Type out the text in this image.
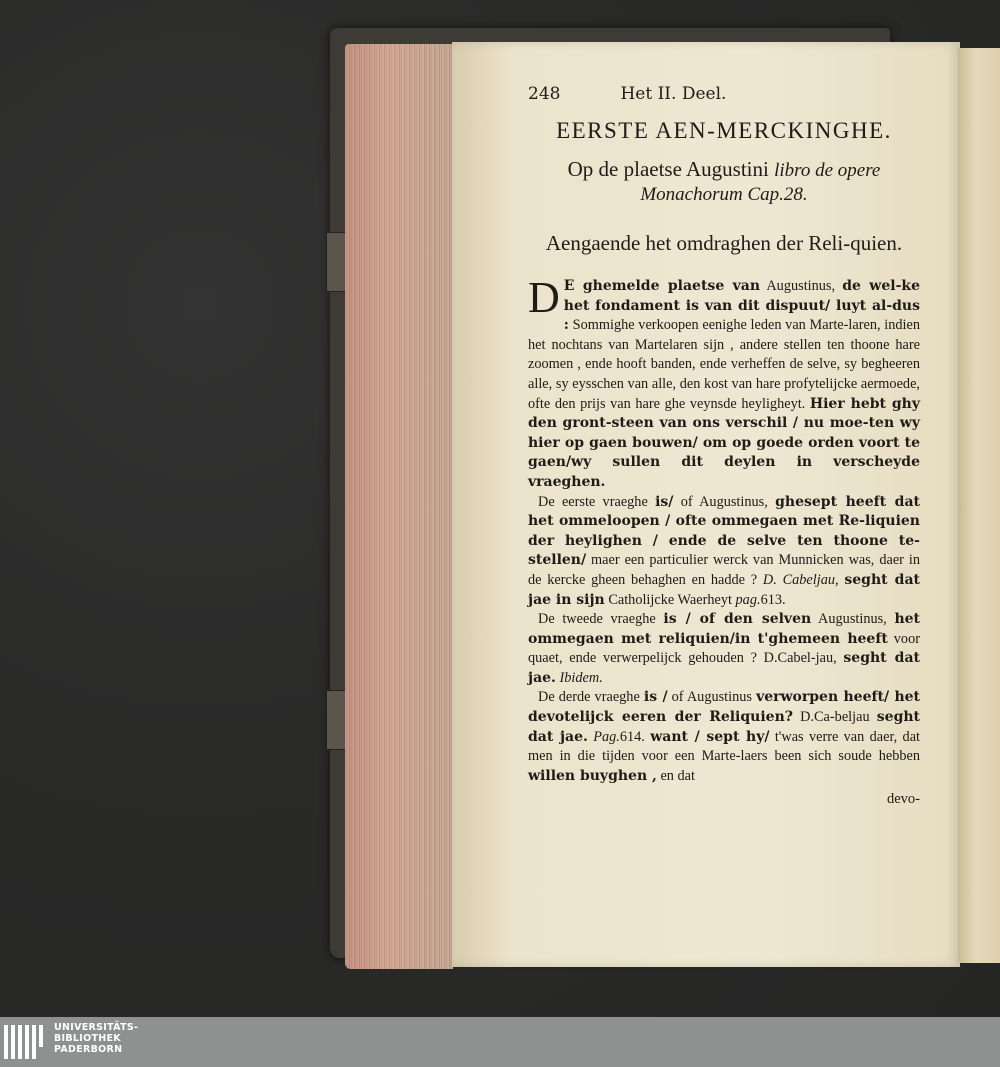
248	Het II. Deel.
EERSTE AEN-MERCKINGHE.
Op de plaetse Augustini libro de opere
Monachorum Cap.28.
Aengaende het omdraghen der Reli-quien.

D E ghemelde plaetse van Augustinus, de wel-ke het fondament is van dit dispuut/ luyt al-dus : Sommighe verkoopen eenighe leden van Marte-laren, indien het nochtans van Martelaren sijn , andere stellen ten thoone hare zoomen , ende hooft banden, ende verheffen de selve, sy begheeren alle, sy eysschen van alle, den kost van hare profytelijcke aermoede, ofte den prijs van hare ghe veynsde heyligheyt. Hier hebt ghy den gront-steen van ons verschil / nu moe-ten wy hier op gaen bouwen/ om op goede orden voort te gaen/wy sullen dit deylen in verscheyde vraeghen.

De eerste vraeghe is/ of Augustinus, ghesept heeft dat het ommeloopen / ofte ommegaen met Re-liquien der heylighen / ende de selve ten thoone te-stellen/ maer een particulier werck van Munnicken was, daer in de kercke gheen behaghen en hadde ? D. Cabeljau, seght dat jae in sijn Catholijcke Waerheyt pag.613.

De tweede vraeghe is / of den selven Augustinus, het ommegaen met reliquien/in t'ghemeen heeft voor quaet, ende verwerpelijck gehouden ? D.Cabel-jau, seght dat jae. Ibidem.

De derde vraeghe is / of Augustinus verworpen heeft/ het devotelijck eeren der Reliquien? D.Ca-beljau seght dat jae. Pag.614. want / sept hy/ t'was verre van daer, dat men in die tijden voor een Marte-laers been sich soude hebben willen buyghen , en dat

devo-
UNIVERSITÄTS-
BIBLIOTHEK
PADERBORN
